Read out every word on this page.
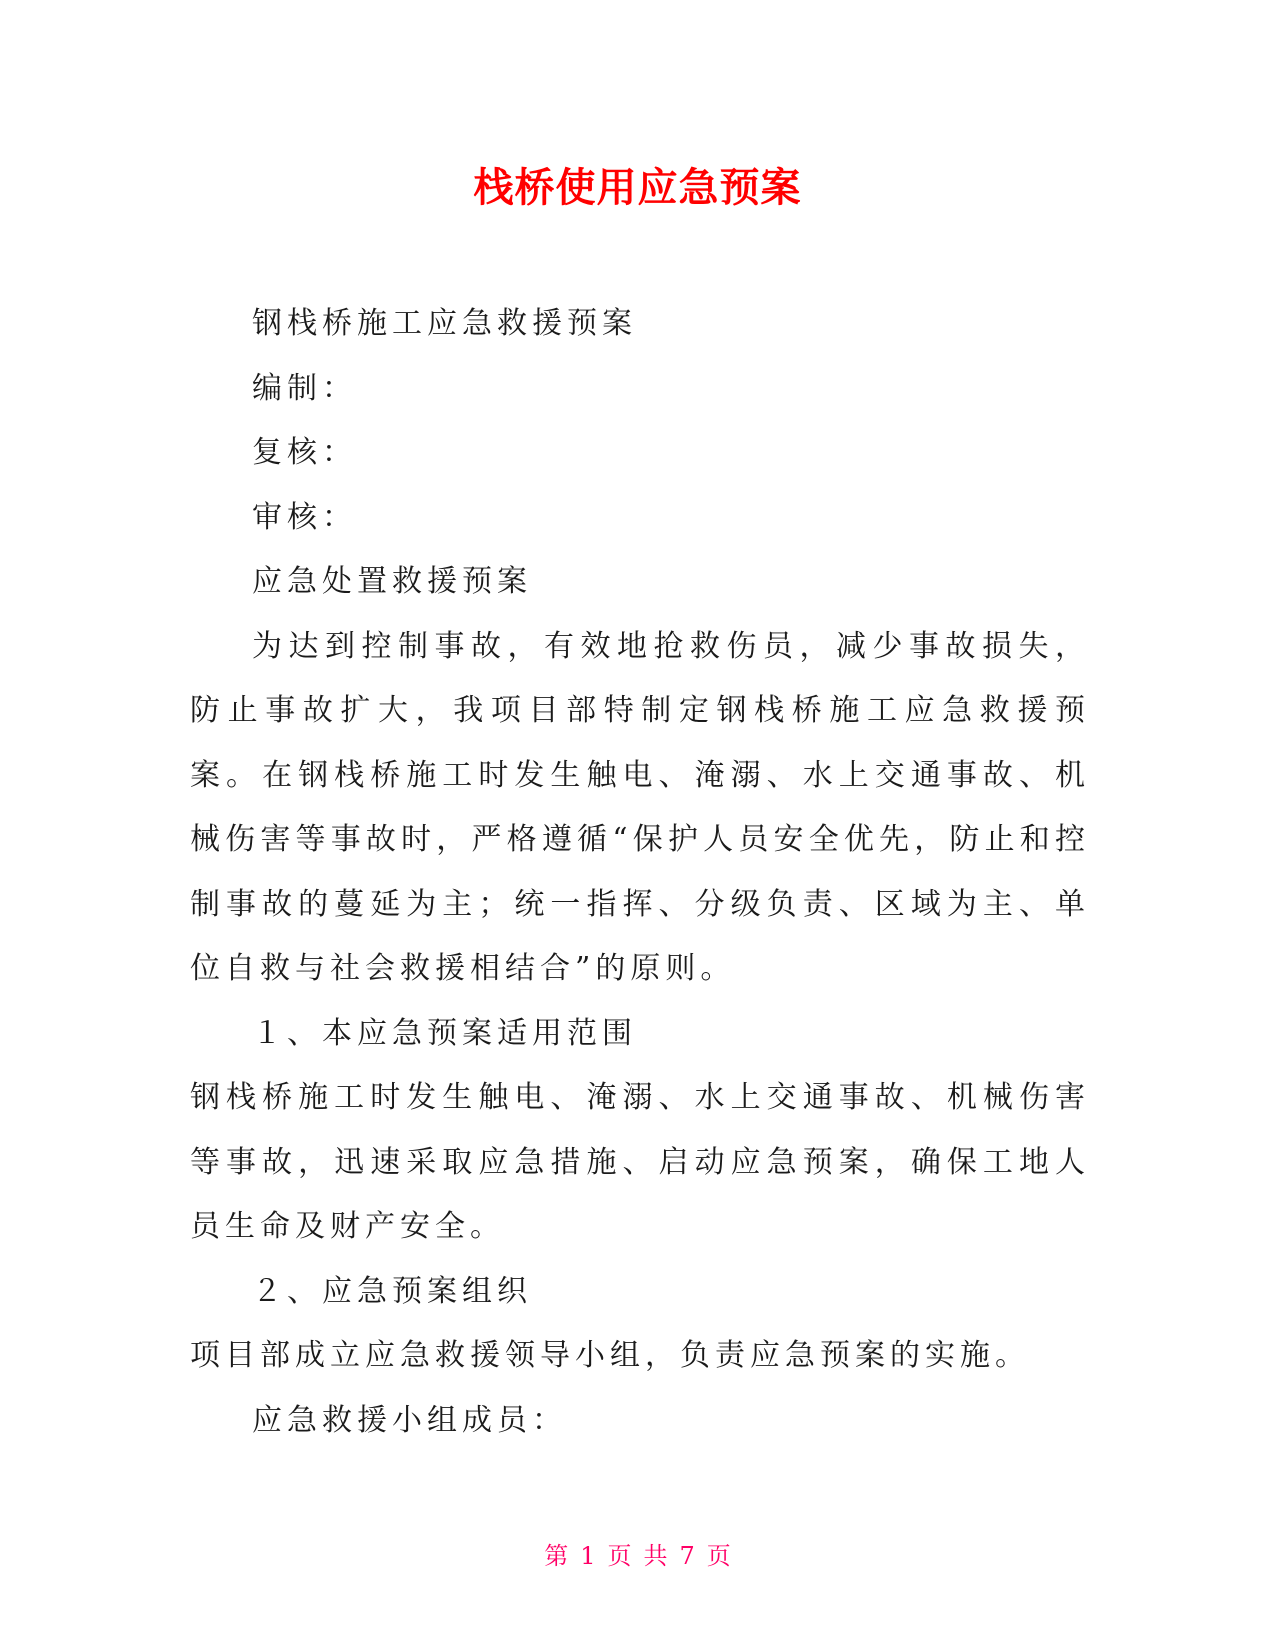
栈桥使用应急预案

钢栈桥施工应急救援预案

编制：

复核：

审核：

应急处置救援预案

为达到控制事故，有效地抢救伤员，减少事故损失，防止事故扩大，我项目部特制定钢栈桥施工应急救援预案。在钢栈桥施工时发生触电、淹溺、水上交通事故、机械伤害等事故时，严格遵循“保护人员安全优先，防止和控制事故的蔓延为主；统一指挥、分级负责、区域为主、单位自救与社会救援相结合”的原则。

１、本应急预案适用范围

钢栈桥施工时发生触电、淹溺、水上交通事故、机械伤害等事故，迅速采取应急措施、启动应急预案，确保工地人员生命及财产安全。

２、应急预案组织

项目部成立应急救援领导小组，负责应急预案的实施。

应急救援小组成员：

第 1 页 共 7 页
